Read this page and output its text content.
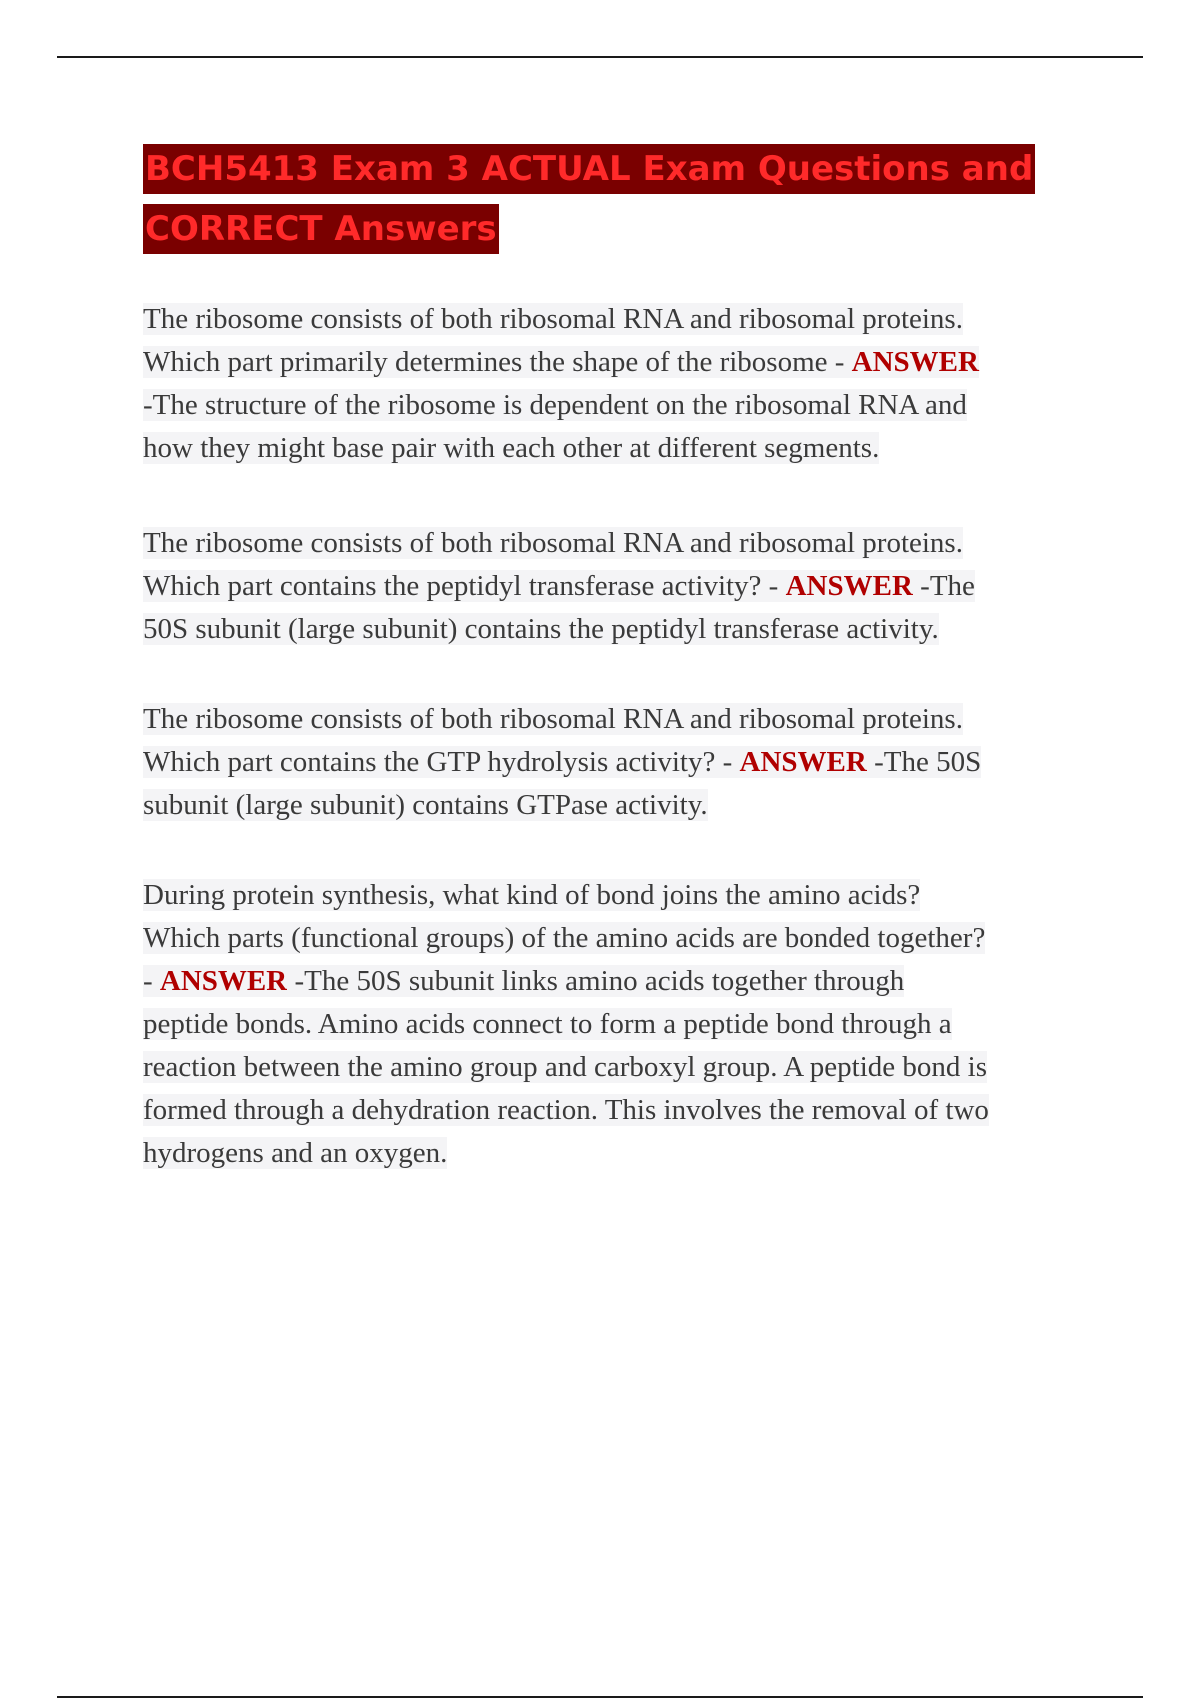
BCH5413 Exam 3 ACTUAL Exam Questions and
CORRECT Answers
The ribosome consists of both ribosomal RNA and ribosomal proteins.
Which part primarily determines the shape of the ribosome - ANSWER
-The structure of the ribosome is dependent on the ribosomal RNA and
how they might base pair with each other at different segments.
The ribosome consists of both ribosomal RNA and ribosomal proteins.
Which part contains the peptidyl transferase activity? - ANSWER -The
50S subunit (large subunit) contains the peptidyl transferase activity.
The ribosome consists of both ribosomal RNA and ribosomal proteins.
Which part contains the GTP hydrolysis activity? - ANSWER -The 50S
subunit (large subunit) contains GTPase activity.
During protein synthesis, what kind of bond joins the amino acids?
Which parts (functional groups) of the amino acids are bonded together?
- ANSWER -The 50S subunit links amino acids together through
peptide bonds. Amino acids connect to form a peptide bond through a
reaction between the amino group and carboxyl group. A peptide bond is
formed through a dehydration reaction. This involves the removal of two
hydrogens and an oxygen.
